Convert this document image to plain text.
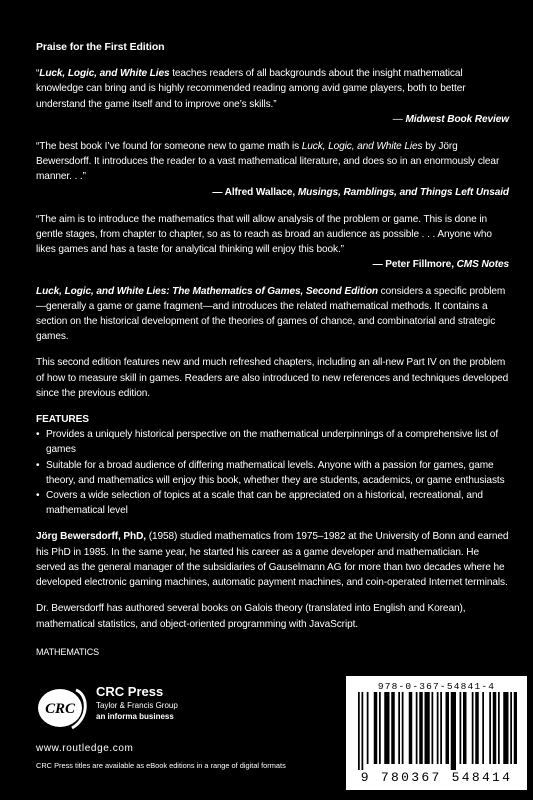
Praise for the First Edition

“Luck, Logic, and White Lies teaches readers of all backgrounds about the insight mathematical knowledge can bring and is highly recommended reading among avid game players, both to better understand the game itself and to improve one’s skills.”

— Midwest Book Review

“The best book I’ve found for someone new to game math is Luck, Logic, and White Lies by Jörg Bewersdorff. It introduces the reader to a vast mathematical literature, and does so in an enormously clear manner. . .”

— Alfred Wallace, Musings, Ramblings, and Things Left Unsaid

“The aim is to introduce the mathematics that will allow analysis of the problem or game. This is done in gentle stages, from chapter to chapter, so as to reach as broad an audience as possible . . . Anyone who likes games and has a taste for analytical thinking will enjoy this book.”

— Peter Fillmore, CMS Notes

Luck, Logic, and White Lies: The Mathematics of Games, Second Edition considers a specific problem—generally a game or game fragment—and introduces the related mathematical methods. It contains a section on the historical development of the theories of games of chance, and combinatorial and strategic games.

This second edition features new and much refreshed chapters, including an all-new Part IV on the problem of how to measure skill in games. Readers are also introduced to new references and techniques developed since the previous edition.

FEATURES
• Provides a uniquely historical perspective on the mathematical underpinnings of a comprehensive list of games
• Suitable for a broad audience of differing mathematical levels. Anyone with a passion for games, game theory, and mathematics will enjoy this book, whether they are students, academics, or game enthusiasts
• Covers a wide selection of topics at a scale that can be appreciated on a historical, recreational, and mathematical level

Jörg Bewersdorff, PhD, (1958) studied mathematics from 1975–1982 at the University of Bonn and earned his PhD in 1985. In the same year, he started his career as a game developer and mathematician. He served as the general manager of the subsidiaries of Gauselmann AG for more than two decades where he developed electronic gaming machines, automatic payment machines, and coin-operated Internet terminals.

Dr. Bewersdorff has authored several books on Galois theory (translated into English and Korean), mathematical statistics, and object-oriented programming with JavaScript.

MATHEMATICS
CRC
CRC Press
Taylor & Francis Group
an informa business
www.routledge.com
CRC Press titles are available as eBook editions in a range of digital formats
978-0-367-54841-4
9 780367 548414
